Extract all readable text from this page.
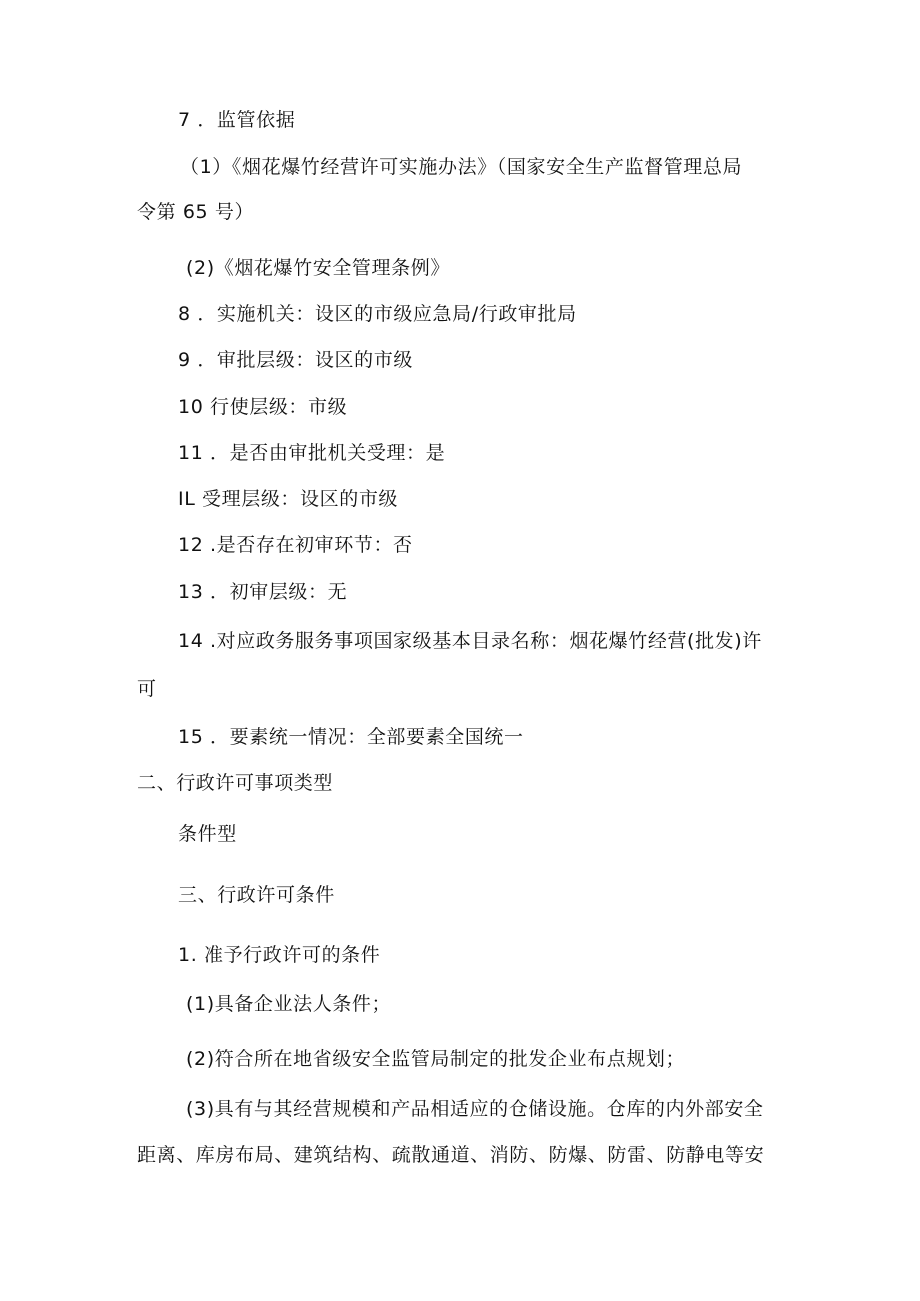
7 ．监管依据
（1）《烟花爆竹经营许可实施办法》（国家安全生产监督管理总局
令第 65 号）
(2)《烟花爆竹安全管理条例》
8 ．实施机关：设区的市级应急局/行政审批局
9 ．审批层级：设区的市级
10 行使层级：市级
11 ．是否由审批机关受理：是
IL 受理层级：设区的市级
12 .是否存在初审环节：否
13 ．初审层级：无
14 .对应政务服务事项国家级基本目录名称：烟花爆竹经营(批发)许
可
15 ．要素统一情况：全部要素全国统一
二、行政许可事项类型
条件型
三、行政许可条件
1. 准予行政许可的条件
(1)具备企业法人条件；
(2)符合所在地省级安全监管局制定的批发企业布点规划；
(3)具有与其经营规模和产品相适应的仓储设施。仓库的内外部安全
距离、库房布局、建筑结构、疏散通道、消防、防爆、防雷、防静电等安
